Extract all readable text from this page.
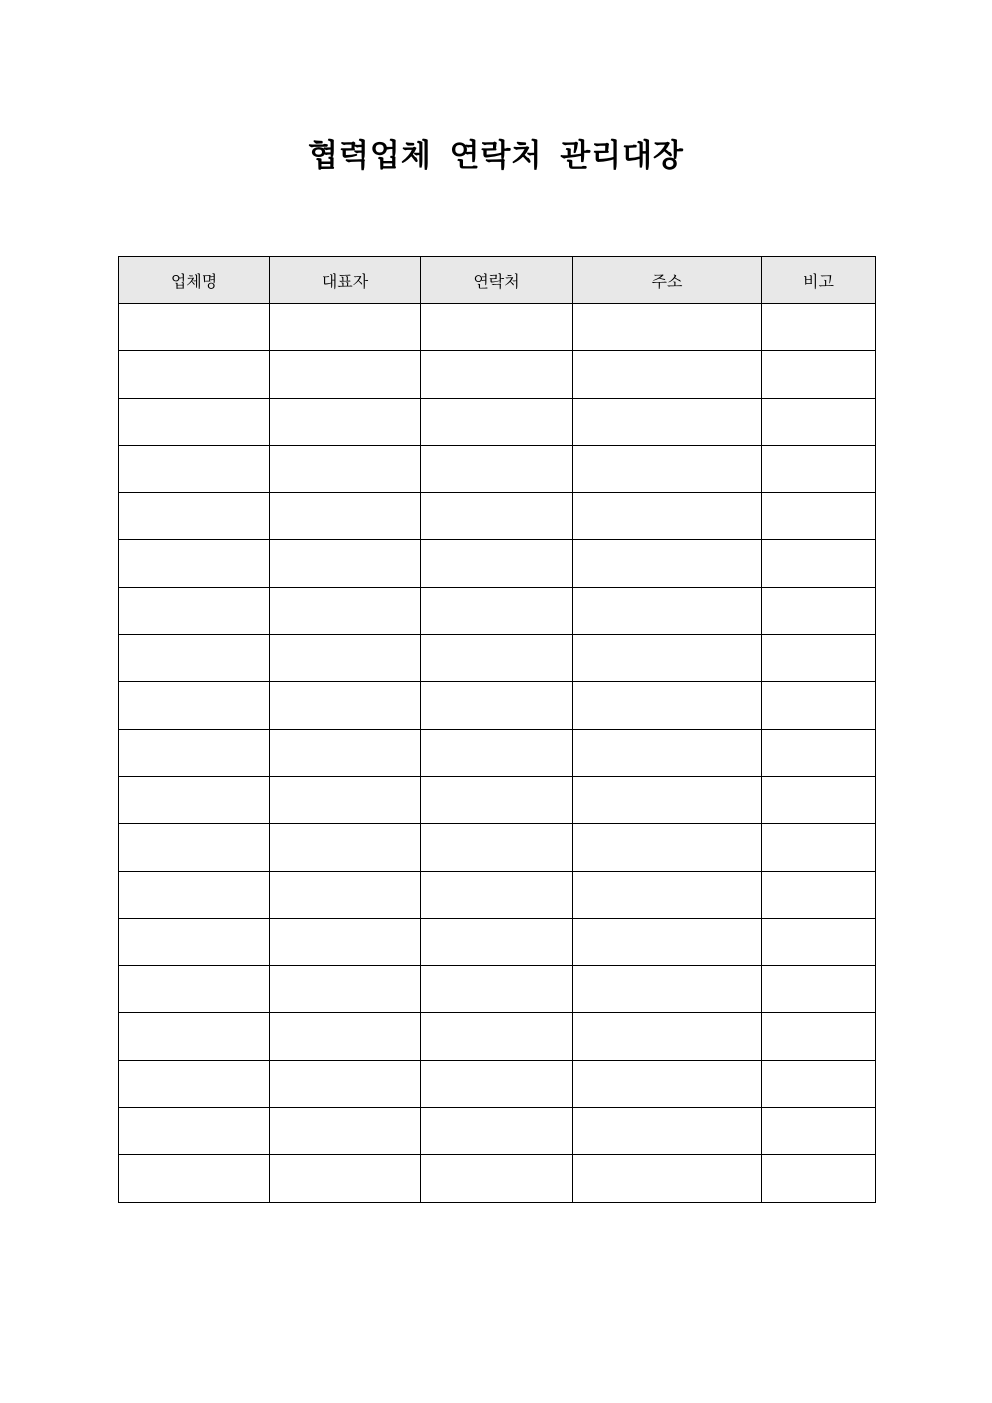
협력업체 연락처 관리대장
업체명	대표자	연락처	주소	비고
